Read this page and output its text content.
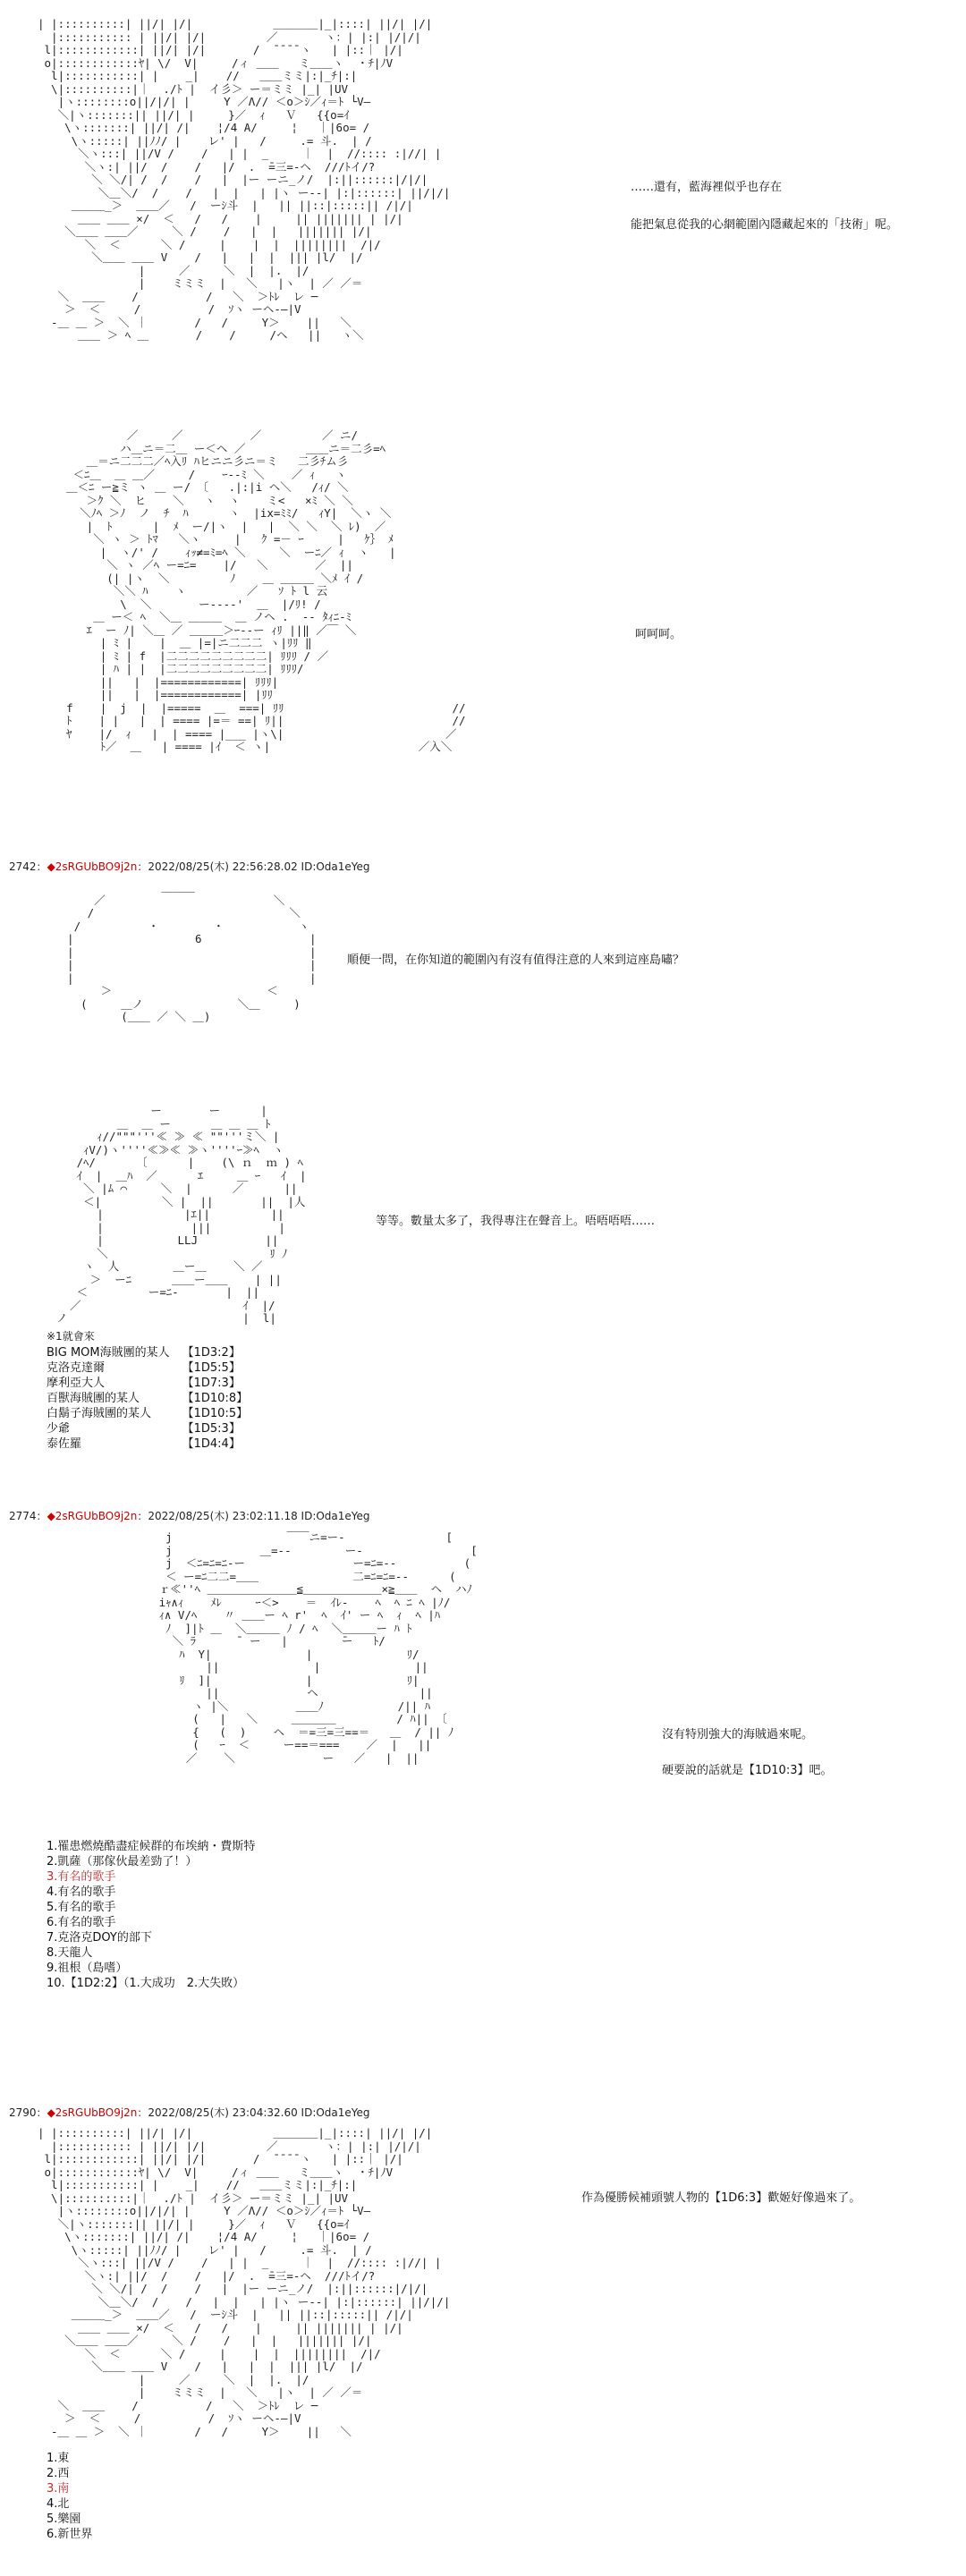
| |::::::::::| ||/| |/|            ＿＿＿＿|_|::::| ||/| |/|
|::::::::::: | ||/| |/|         ／       ヽ：| |:| |/|/|
l|::::::::::::| ||/| |/|       /  ¯¯¯¯ヽ   | |::｜ |/|
o|::::::::::::ﾔ| \/  V|     /ィ ＿＿   ミ＿＿ヽ  ・ﾁ|ﾉV
l|:::::::::::| |    _|    //   ＿＿ミミ|:|_ﾁ|:|
\|::::::::::|｜  ./ﾄ |  イ彡＞ ー＝ミミ |_| |UV
|ヽ::::::::o||/|/| |     Y ／Λ// ＜o＞ｼ／ｨ＝ﾄ └V―
＼|ヽ:::::::|| ||/| |     }／  ｨ   Ｖ   {{o=ｲ
\ヽ:::::::| ||/| /|    ¦/4 A/     ¦   ｜|6o= /
\ヽ:::::| ||ﾉﾉ/ |    レ' |   /     .= 斗.  | /
＼ヽ:::| ||/V /    /   | |  _     ｜  |  //:::: :|//| |
＼ヽ:| ||/  /    /   |/  .  ̄=三=-ヘ  ///ﾄイ/?
＼ ＼/| /  /    /   |  |ー ーニ_ノ/  |:||::::::|/|/|
＼＿＼/  /    /   |  |   | |ヽ ー-‐| |:|::::::| ||/|/|
＿＿＿_＞  ＿＿／   /  ーｼ斗  |   || ||::|:::::|| /|/|
＿＿ ＿＿ ×/  ＜   /   /    |     || ||||||| | |/|
＼＿＿ ＿＿／     ＼ /    /   |  |   ||||||| |/|
＼  ＜      ＼ /     |    |  |  ||||||||  /|/
＼＿＿ ＿＿ V    /   |   |  |  ||| |l/  |/
|     ／     ＼  |  |.  |/
|    ミミミ  |   ＼   |ヽ  | ／ ／＝
＼  ＿＿    /          /   ＼  ＞ﾄﾚ  レ ─
＞  ＜     /          /  ｿヽ ーヘ-―|V
‐＿ ＿ ＞  ＼ ｜       /   /     Y＞    ||   ＼
＿＿ ＞ ﾍ ＿       /    /     /ヘ   ||   ヽ＼
……還有，藍海裡似乎也存在
能把氣息從我的心網範圍內隱藏起來的「技術」呢。
／     ／          ／         ／ ニ/
ハ＿ニ＝二＿ ー＜ヘ ／         ＿＿ニ＝二彡=ﾍ
＿＝ニ二二二／ﾍ入ﾘ ﾊヒニニ彡ニ＝ミ   二彡ﾁム彡
＜ﾆ＿  ＿ ＿／     /    ｰ--ﾐ ＼    ／ ｨ   ヽ
＿＜ﾆ ー≧ミ ヽ ＿ ー/ 〔   .|:|i ヘ＼   /ｨ/ ＼
＞ｸ ＼  ヒ    ＼   ヽ  ヽ    ミ<   ×ﾐ ＼ ＼
＼ﾉﾍ ＞ﾉ  ノ  ﾁ  ﾊ      ヽ  |ix=ﾐﾐ/   ｨY|  ＼ヽ ＼
|  ﾄ      |  ﾒ  ー/|ヽ  |   |  ＼ ＼  ＼ ﾚ)  ／
＼ ヽ ＞ ﾄﾏ   ＼ヽ     |   ｸ =－ ｰ     |   ｹ｝ ﾒ
|  ヽ/' /    ｨｯ≠=ﾐ=ﾍ ＼     ＼  ーﾆ／ ｨ  ヽ   |
＼ ヽ ／ﾍ ー=ﾆ=    |/   ＼       ／  ||
(| |ヽ  ＼         ﾉ    ＿ ＿＿＿ ＼ﾒ ｲ /
＼＼ ﾊ    ヽ         ／   ｿ ﾄ l 云
\  ＼       ー--‐‐'  ＿  |/ﾘ! /
＿ ー＜ ﾍ  ＼＿ ＿＿＿  ＿ ノヘ .  -‐ ﾀｨﾆ-ﾐ
ｴ  ー ﾉ| ＼＿ ／ ＿＿＿＞ｰ-‐ー ｨﾘ ||‖ ／￣ ＼
| ﾐ |    |  ＿ |=|ニ二二二 ヽ|ﾘﾘ ‖
| ﾐ | f  |二二二二二二二二二| ﾘﾘﾘ / ／
| ﾊ | |  |二二二二二二二二二| ﾘﾘﾘ/
||   |  |============| ﾘﾘﾘ|
||   |  |============| |ﾘﾘ
f    |  j  |  |=====  ＿  ===| ﾘﾘ                         //
ﾄ    | |   |  | ==== |=＝ ==| ﾘ||                         //
ﾔ    |/  ｨ   |  | ==== |___ |ヽ\|                        ／
ﾄ／  ＿   | ==== |ｲ  ＜ ヽ|                      ／入＼
呵呵呵。
2742：◆2sRGUbBO9j2n：2022/08/25(木) 22:56:28.02 ID:Oda1eYeg
＿＿＿
／                         ＼
/                             ＼
/          ・        ・           ヽ
|                  6                |
|                                   |
|                                   |
|                                   |
＞                       ＜
(     ＿ノ              ＼＿     )
(＿＿ ／ ＼ ＿)
順便一問，在你知道的範圍內有沒有值得注意的人來到這座島嘯？
ー       ー      |
＿  ＿ ー      ＿ ＿ ＿ ﾄ
ｨ//"""'''≪ ≫ ≪ ""'''ミ＼ |
ｨV/)ヽ''''≪≫≪ ≫ヽ''''ｰ≫ﾍ  ヽ
/ﾍ/      〔      |    (\ ｎ  ｍ ) ﾍ
ｲ  |  ＿ﾊ  ／      ｴ     ＿ ｰ   ｲ  |
＼ |ﾑ ⌒     ＼  |      ／      ||
＜|         ＼ |  ||       ||  |人
|            |ｴ||         ||
|             |||          |
|           LLJ          ||
＼                        ﾘ ﾉ
ヽ  人        ＿ー＿    ＼ ／
＞  ーﾆ      ＿＿ー＿＿    | ||
＜         ー=ﾆ-       |  ||
／                        ｲ  |/
ノ                          |  l|
等等。數量太多了，我得專注在聲音上。唔唔唔唔……
※1就會來
BIG MOM海賊團的某人	【1D3:2】
克洛克達爾	【1D5:5】
摩利亞大人	【1D7:3】
百獸海賊團的某人	【1D10:8】
白鬍子海賊團的某人	【1D10:5】
少爺	【1D5:3】
泰佐羅	【1D4:4】
2774：◆2sRGUbBO9j2n：2022/08/25(木) 23:02:11.18 ID:Oda1eYeg
j                 ￣￣ニ=ー‐               [
j             ＿=-‐        ー‐                [
j  ＜ﾆ=ﾆ=ﾆ‐ー                ー=ﾆ=-‐          (
＜ ー=ﾆ二二=＿＿              二=ﾆ=ﾆ=‐‐      (
ｒ≪''ﾍ ＿＿＿＿＿＿＿＿≦＿＿＿＿＿＿＿×≧＿＿  ヘ  ハﾉ
iｬ∧ｨ    ﾒﾚ     ｰ＜>    ＝  ｲﾚ-    ﾍ  ﾍ ﾆ ﾍ |ﾉ/
ｨ∧ V/ﾍ    〃 ＿＿ー ﾍ r'  ﾍ  ｲ' ー ﾍ  ｨ  ﾍ |ﾊ
ﾉ  ]|ﾄ ＿  ＼＿＿＿ ﾉ / ﾍ  ＼＿＿＿ー ﾊ ﾄ
＼ ﾗ      ̄  ー   |        ̄ー   ﾄ/
ﾊ  Y|              |              ﾘ/
||              |              ||
ﾘ  ]|              |              ﾘ|
||             ヘ               ||
ヽ |＼          ＿＿ﾉ           /|| ﾊ
(   |   ＼     ＿＿＿＿         / ﾊ|| 〔
{   (  )    ヘ  ＝=三=三==＝   ＿  / || ﾉ
(   ｰ  ＜     ー==＝===    ／  |   ||
／    ＼             ー   ／   |  ||
沒有特別強大的海賊過來呢。
硬要說的話就是【1D10:3】吧。
1.罹患燃燒酷盡症候群的布埃納・費斯特
2.凱薩（那傢伙最差勁了！）
3.有名的歌手
4.有名的歌手
5.有名的歌手
6.有名的歌手
7.克洛克DOY的部下
8.天龍人
9.祖根（島嗜）
10.【1D2:2】（1.大成功　2.大失敗）
2790：◆2sRGUbBO9j2n：2022/08/25(木) 23:04:32.60 ID:Oda1eYeg
| |::::::::::| ||/| |/|            ＿＿＿＿|_|::::| ||/| |/|
|::::::::::: | ||/| |/|         ／       ヽ：| |:| |/|/|
l|::::::::::::| ||/| |/|       /  ¯¯¯¯ヽ   | |::｜ |/|
o|::::::::::::ﾔ| \/  V|     /ィ ＿＿   ミ＿＿ヽ  ・ﾁ|ﾉV
l|:::::::::::| |    _|    //   ＿＿ミミ|:|_ﾁ|:|
\|::::::::::|｜  ./ﾄ |  イ彡＞ ー＝ミミ |_| |UV
|ヽ::::::::o||/|/| |     Y ／Λ// ＜o＞ｼ／ｨ＝ﾄ └V―
＼|ヽ:::::::|| ||/| |     }／  ｨ   Ｖ   {{o=ｲ
\ヽ:::::::| ||/| /|    ¦/4 A/     ¦   ｜|6o= /
\ヽ:::::| ||ﾉﾉ/ |    レ' |   /     .= 斗.  | /
＼ヽ:::| ||/V /    /   | |  _     ｜  |  //:::: :|//| |
＼ヽ:| ||/  /    /   |/  .  ̄=三=-ヘ  ///ﾄイ/?
＼ ＼/| /  /    /   |  |ー ーニ_ノ/  |:||::::::|/|/|
＼＿＼/  /    /   |  |   | |ヽ ー-‐| |:|::::::| ||/|/|
＿＿＿_＞  ＿＿／   /  ーｼ斗  |   || ||::|:::::|| /|/|
＿＿ ＿＿ ×/  ＜   /   /    |     || ||||||| | |/|
＼＿＿ ＿＿／     ＼ /    /   |  |   ||||||| |/|
＼  ＜      ＼ /     |    |  |  ||||||||  /|/
＼＿＿ ＿＿ V    /   |   |  |  ||| |l/  |/
|     ／     ＼  |  |.  |/
|    ミミミ  |   ＼   |ヽ  | ／ ／＝
＼  ＿＿    /          /   ＼  ＞ﾄﾚ  レ ─
＞  ＜     /          /  ｿヽ ーヘ-―|V
‐＿ ＿ ＞  ＼ ｜       /   /     Y＞    ||   ＼
作為優勝候補頭號人物的【1D6:3】歡姬好像過來了。
1.東
2.西
3.南
4.北
5.樂園
6.新世界
